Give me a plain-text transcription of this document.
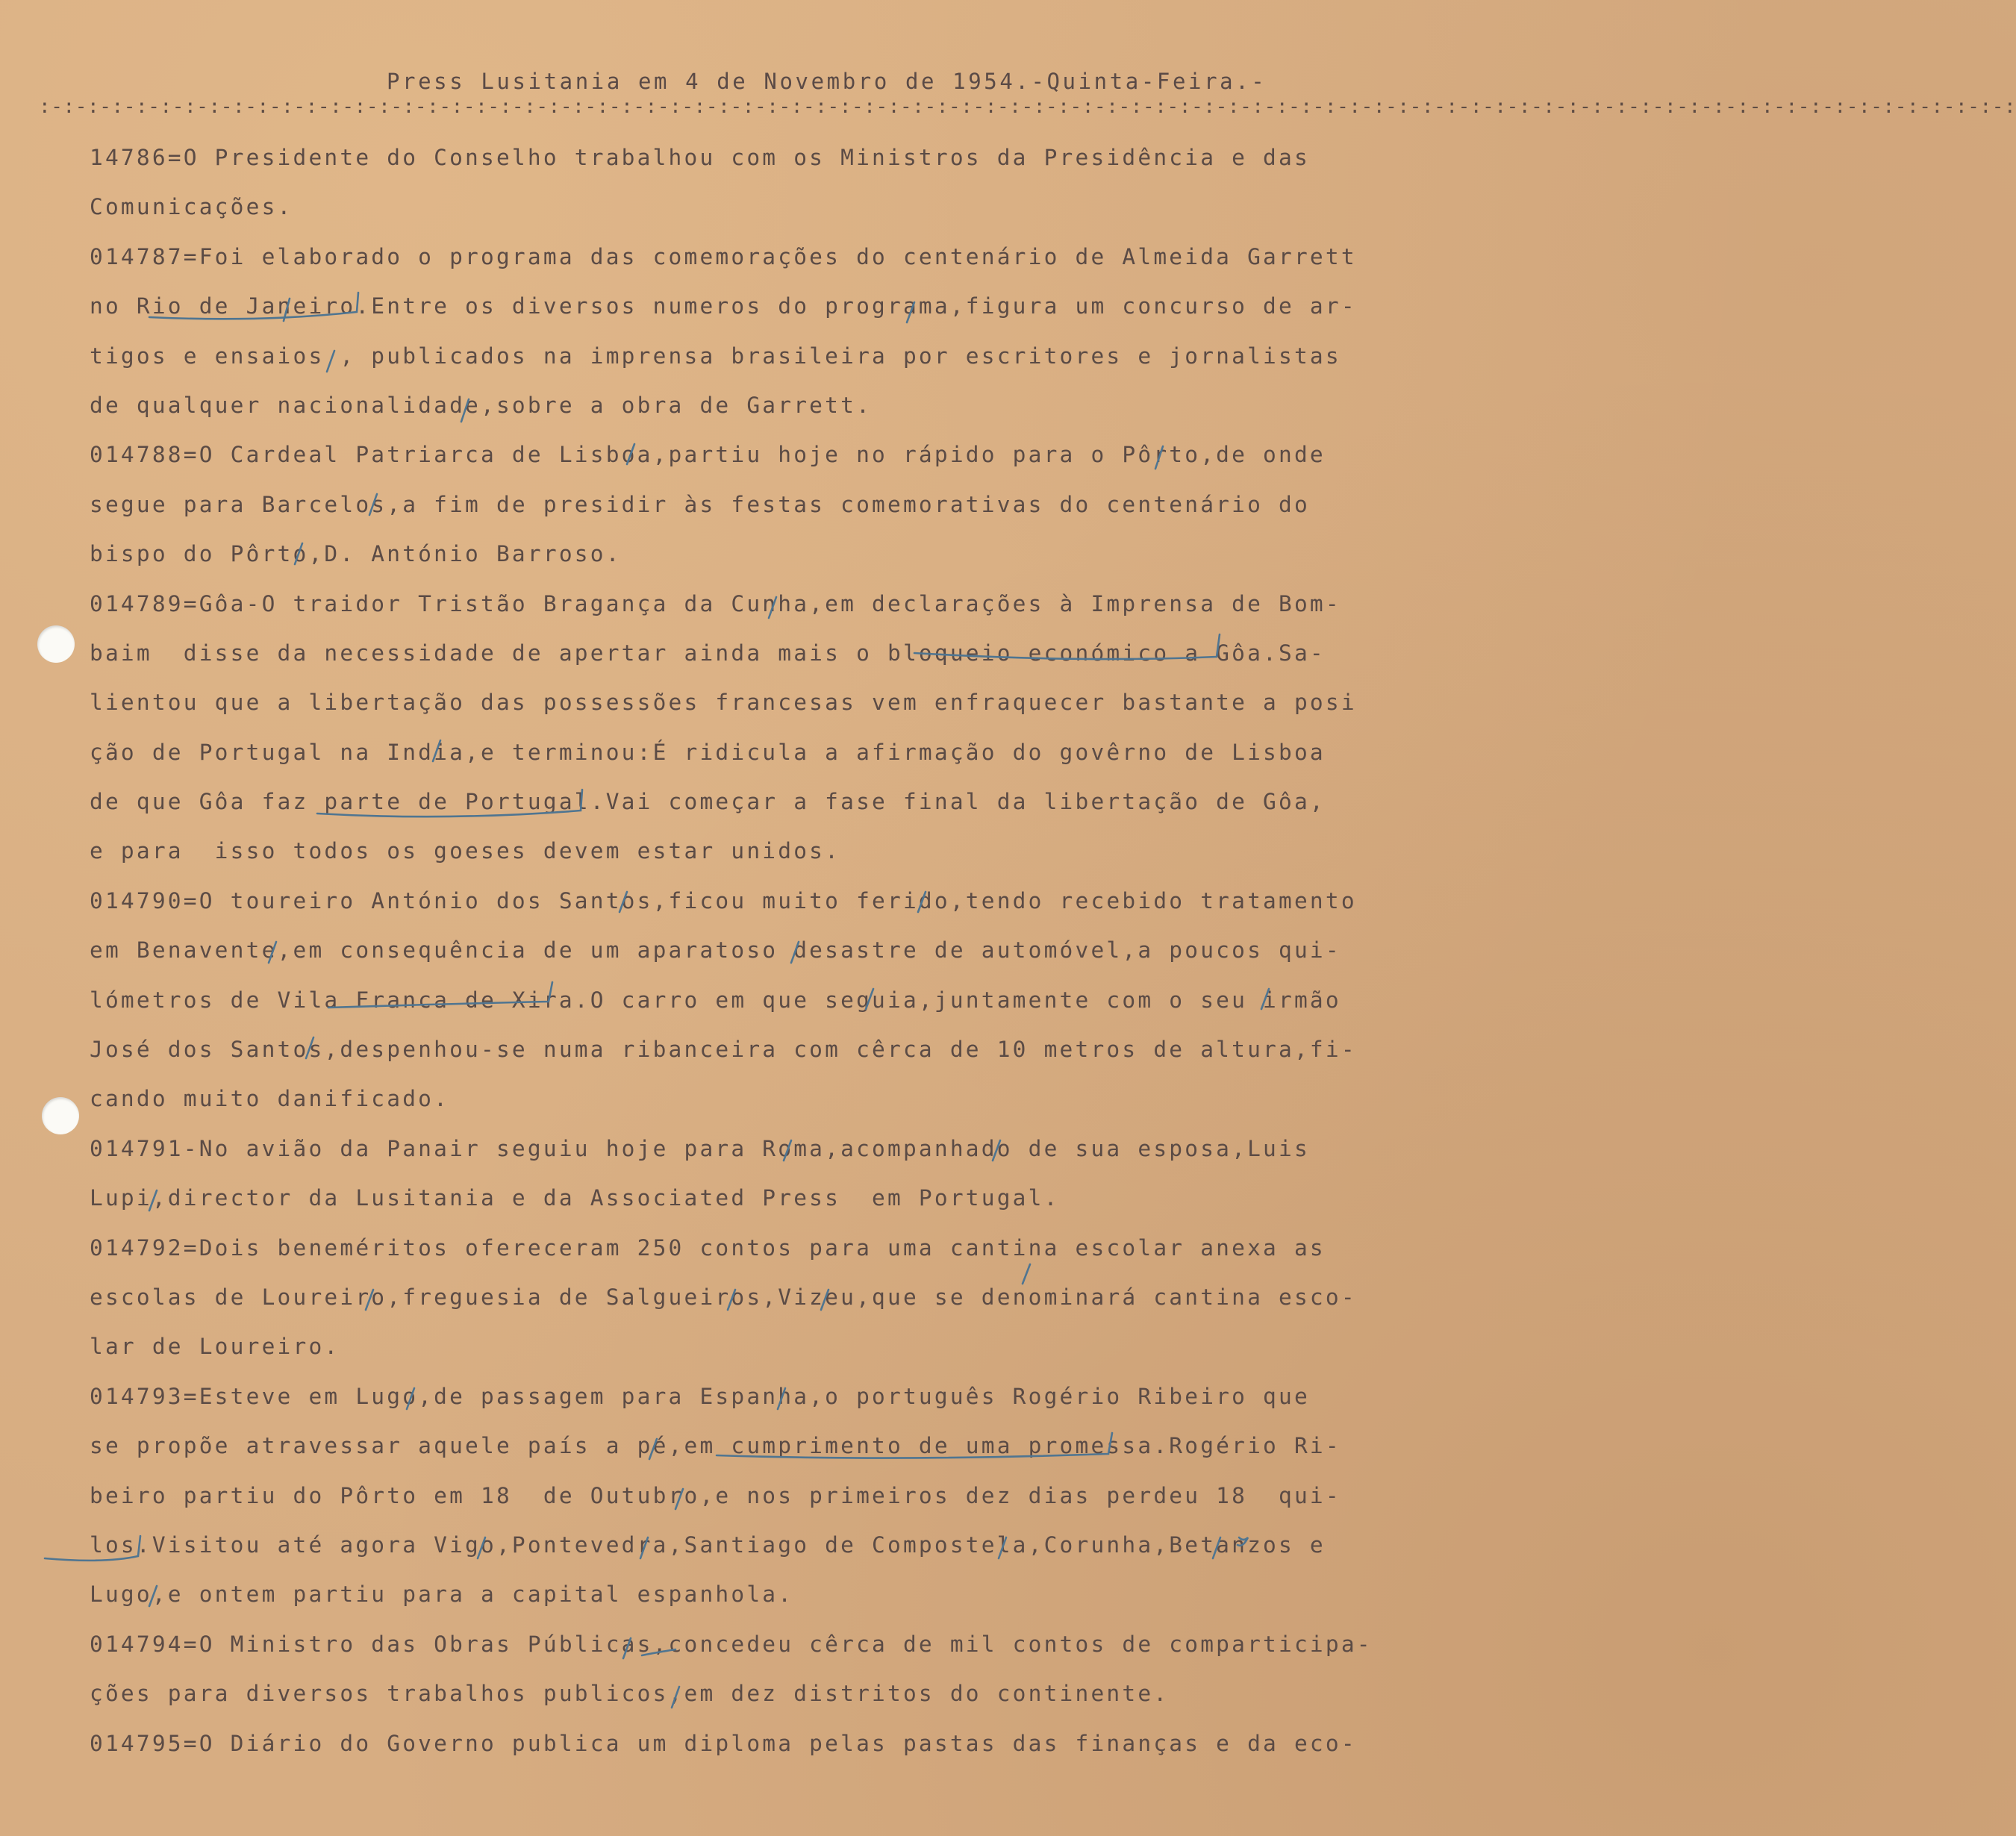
Press Lusitania em 4 de Novembro de 1954.-Quinta-Feira.-
:-:-:-:-:-:-:-:-:-:-:-:-:-:-:-:-:-:-:-:-:-:-:-:-:-:-:-:-:-:-:-:-:-:-:-:-:-:-:-:-:-:-:-:-:-:-:-:-:-:-:-:-:-:-:-:-:-:-:-:-:-:-:-:-:-:-:-:-:-:-:-:-:-:-:-:-:-:-:-:-:-:
14786=O Presidente do Conselho trabalhou com os Ministros da Presidência e das
Comunicações.
014787=Foi elaborado o programa das comemorações do centenário de Almeida Garrett
no Rio de Janeiro.Entre os diversos numeros do programa,figura um concurso de ar-
tigos e ensaios , publicados na imprensa brasileira por escritores e jornalistas
de qualquer nacionalidade,sobre a obra de Garrett.
014788=O Cardeal Patriarca de Lisboa,partiu hoje no rápido para o Pôrto,de onde
segue para Barcelos,a fim de presidir às festas comemorativas do centenário do
bispo do Pôrto,D. António Barroso.
014789=Gôa-O traidor Tristão Bragança da Cunha,em declarações à Imprensa de Bom-
baim  disse da necessidade de apertar ainda mais o bloqueio económico a Gôa.Sa-
lientou que a libertação das possessões francesas vem enfraquecer bastante a posi
ção de Portugal na India,e terminou:É ridicula a afirmação do govêrno de Lisboa
de que Gôa faz parte de Portugal.Vai começar a fase final da libertação de Gôa,
e para  isso todos os goeses devem estar unidos.
014790=O toureiro António dos Santos,ficou muito ferido,tendo recebido tratamento
em Benavente,em consequência de um aparatoso desastre de automóvel,a poucos qui-
lómetros de Vila Franca de Xira.O carro em que seguia,juntamente com o seu irmão
José dos Santos,despenhou-se numa ribanceira com cêrca de 10 metros de altura,fi-
cando muito danificado.
014791-No avião da Panair seguiu hoje para Roma,acompanhado de sua esposa,Luis
Lupi,director da Lusitania e da Associated Press  em Portugal.
014792=Dois beneméritos ofereceram 250 contos para uma cantina escolar anexa as
escolas de Loureiro,freguesia de Salgueiros,Vizeu,que se denominará cantina esco-
lar de Loureiro.
014793=Esteve em Lugo,de passagem para Espanha,o português Rogério Ribeiro que
se propõe atravessar aquele país a pé,em cumprimento de uma promessa.Rogério Ri-
beiro partiu do Pôrto em 18  de Outubro,e nos primeiros dez dias perdeu 18  qui-
los.Visitou até agora Vigo,Pontevedra,Santiago de Compostela,Corunha,Betanzos e
Lugo,e ontem partiu para a capital espanhola.
014794=O Ministro das Obras Públicas,concedeu cêrca de mil contos de comparticipa-
ções para diversos trabalhos publicos,em dez distritos do continente.
014795=O Diário do Governo publica um diploma pelas pastas das finanças e da eco-
